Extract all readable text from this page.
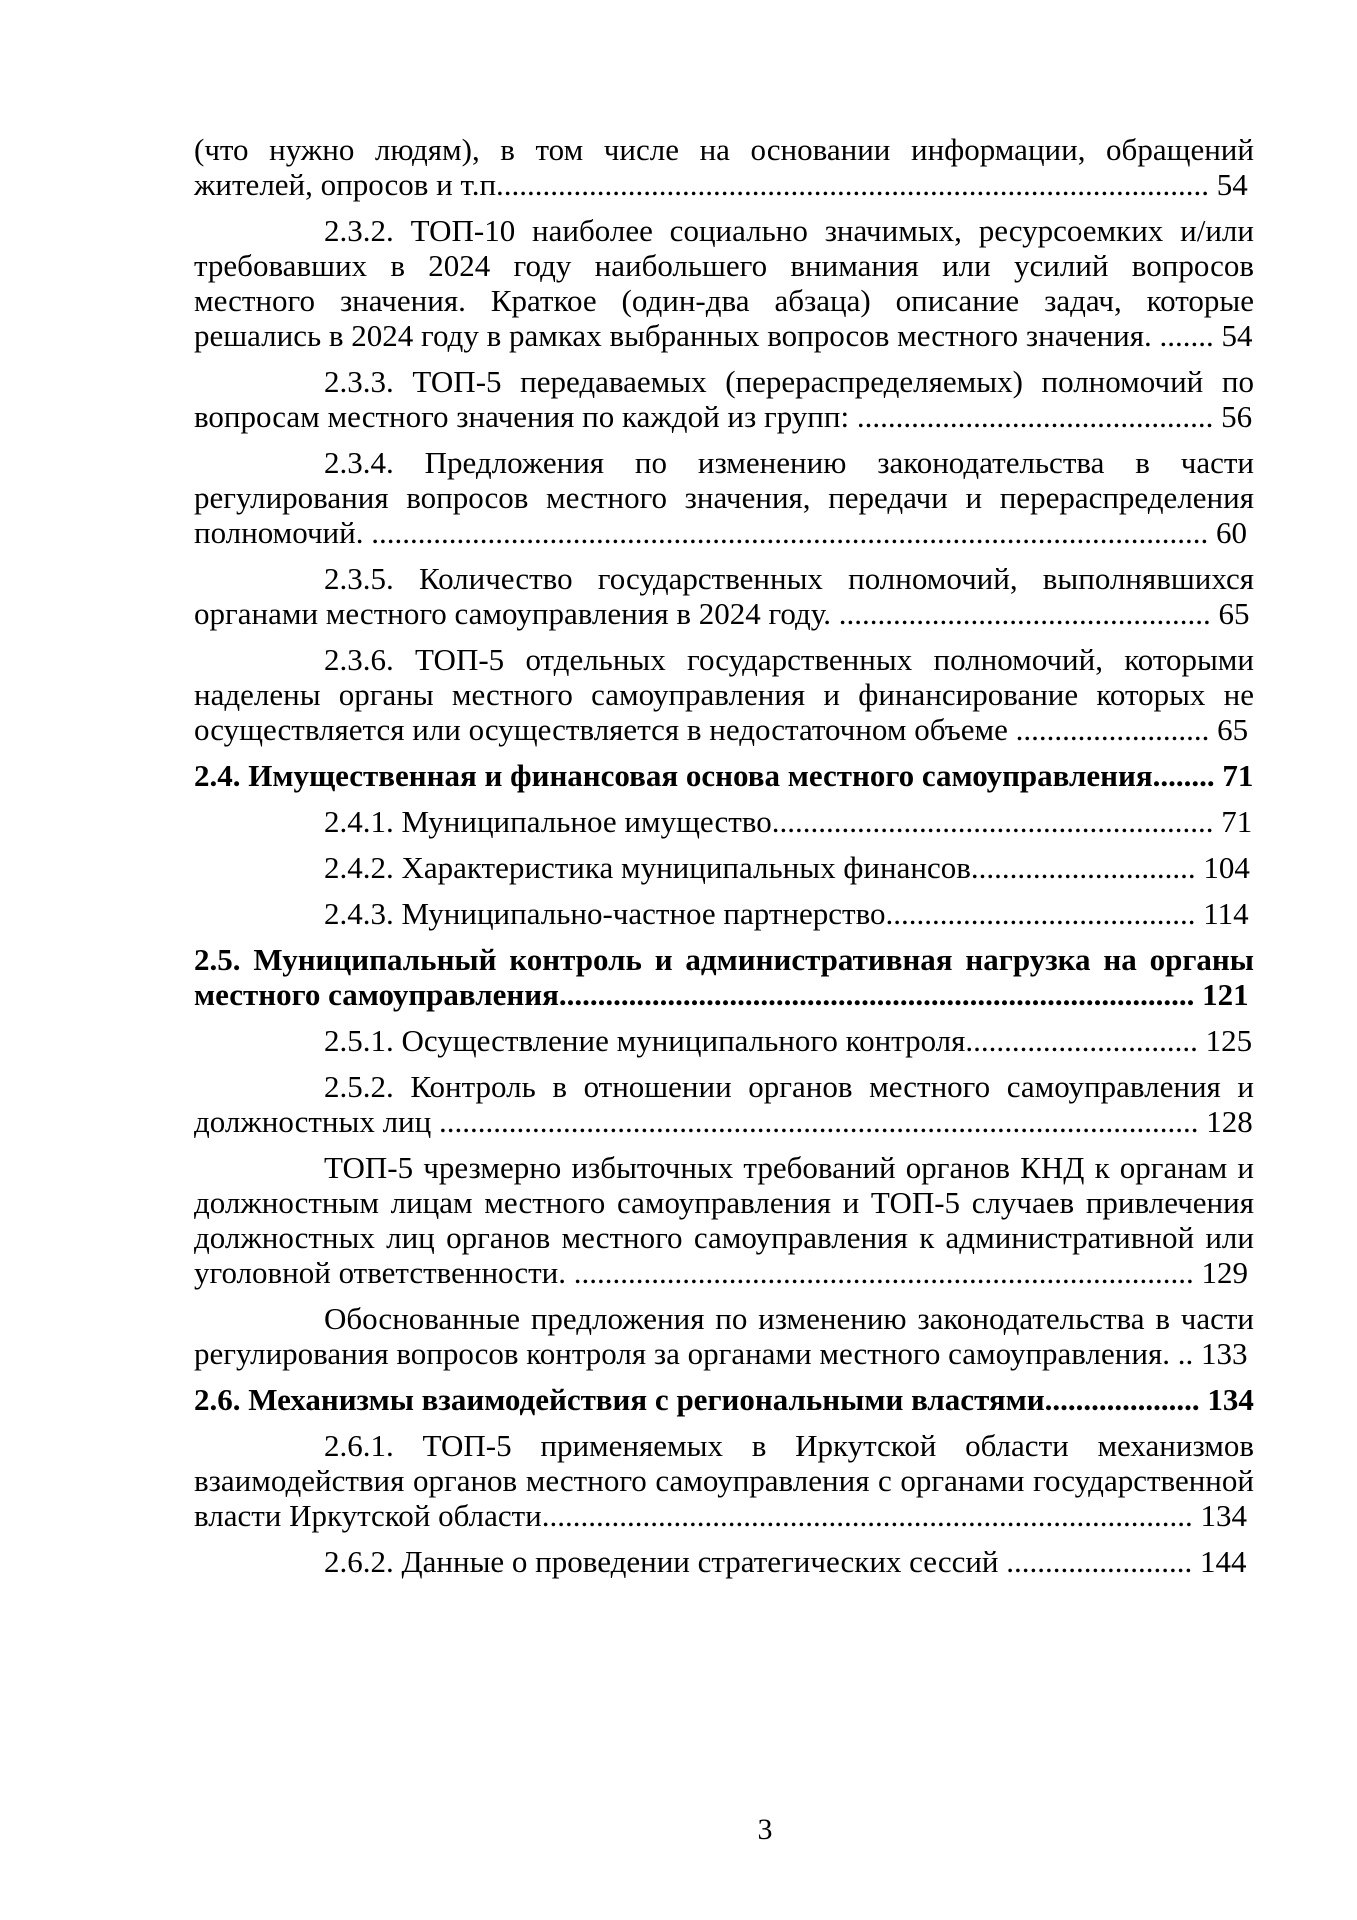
(что нужно людям), в том числе на основании информации, обращений жителей, опросов и т.п.​.​.​.​.​.​.​.​.​.​.​.​.​.​.​.​.​.​.​.​.​.​.​.​.​.​.​.​.​.​.​.​.​.​.​.​.​.​.​.​.​.​.​.​.​.​.​.​.​.​.​.​.​.​.​.​.​.​.​.​.​.​.​.​.​.​.​.​.​.​.​.​.​.​.​.​.​.​.​.​.​.​.​.​.​.​.​.​.​.​.​.​ 54

2.3.2. ТОП-10 наиболее социально значимых, ресурсоемких и/или требовавших в 2024 году наибольшего внимания или усилий вопросов местного значения. Краткое (один-два абзаца) описание задач, которые решались в 2024 году в рамках выбранных вопросов местного значения. ​.​.​.​.​.​.​.​ 54

2.3.3. ТОП-5 передаваемых (перераспределяемых) полномочий по вопросам местного значения по каждой из групп: ​.​.​.​.​.​.​.​.​.​.​.​.​.​.​.​.​.​.​.​.​.​.​.​.​.​.​.​.​.​.​.​.​.​.​.​.​.​.​.​.​.​.​.​.​.​.​ 56

2.3.4. Предложения по изменению законодательства в части регулирования вопросов местного значения, передачи и перераспределения полномочий. ​.​.​.​.​.​.​.​.​.​.​.​.​.​.​.​.​.​.​.​.​.​.​.​.​.​.​.​.​.​.​.​.​.​.​.​.​.​.​.​.​.​.​.​.​.​.​.​.​.​.​.​.​.​.​.​.​.​.​.​.​.​.​.​.​.​.​.​.​.​.​.​.​.​.​.​.​.​.​.​.​.​.​.​.​.​.​.​.​.​.​.​.​.​.​.​.​.​.​.​.​.​.​.​.​.​.​.​.​ 60

2.3.5. Количество государственных полномочий, выполнявшихся органами местного самоуправления в 2024 году. ​.​.​.​.​.​.​.​.​.​.​.​.​.​.​.​.​.​.​.​.​.​.​.​.​.​.​.​.​.​.​.​.​.​.​.​.​.​.​.​.​.​.​.​.​.​.​.​.​ 65

2.3.6. ТОП-5 отдельных государственных полномочий, которыми наделены органы местного самоуправления и финансирование которых не осуществляется или осуществляется в недостаточном объеме ​.​.​.​.​.​.​.​.​.​.​.​.​.​.​.​.​.​.​.​.​.​.​.​.​.​ 65

2.4. Имущественная и финансовая основа местного самоуправления​.​.​.​.​.​.​.​.​ 71

2.4.1. Муниципальное имущество​.​.​.​.​.​.​.​.​.​.​.​.​.​.​.​.​.​.​.​.​.​.​.​.​.​.​.​.​.​.​.​.​.​.​.​.​.​.​.​.​.​.​.​.​.​.​.​.​.​.​.​.​.​.​.​.​.​ 71

2.4.2. Характеристика муниципальных финансов​.​.​.​.​.​.​.​.​.​.​.​.​.​.​.​.​.​.​.​.​.​.​.​.​.​.​.​.​.​ 104

2.4.3. Муниципально-частное партнерство​.​.​.​.​.​.​.​.​.​.​.​.​.​.​.​.​.​.​.​.​.​.​.​.​.​.​.​.​.​.​.​.​.​.​.​.​.​.​.​.​ 114

2.5. Муниципальный контроль и административная нагрузка на органы местного самоуправления​.​.​.​.​.​.​.​.​.​.​.​.​.​.​.​.​.​.​.​.​.​.​.​.​.​.​.​.​.​.​.​.​.​.​.​.​.​.​.​.​.​.​.​.​.​.​.​.​.​.​.​.​.​.​.​.​.​.​.​.​.​.​.​.​.​.​.​.​.​.​.​.​.​.​.​.​.​.​.​.​.​.​ 121

2.5.1. Осуществление муниципального контроля​.​.​.​.​.​.​.​.​.​.​.​.​.​.​.​.​.​.​.​.​.​.​.​.​.​.​.​.​.​.​ 125

2.5.2. Контроль в отношении органов местного самоуправления и должностных лиц ​.​.​.​.​.​.​.​.​.​.​.​.​.​.​.​.​.​.​.​.​.​.​.​.​.​.​.​.​.​.​.​.​.​.​.​.​.​.​.​.​.​.​.​.​.​.​.​.​.​.​.​.​.​.​.​.​.​.​.​.​.​.​.​.​.​.​.​.​.​.​.​.​.​.​.​.​.​.​.​.​.​.​.​.​.​.​.​.​.​.​.​.​.​.​.​.​.​.​ 128

ТОП-5 чрезмерно избыточных требований органов КНД к органам и должностным лицам местного самоуправления и ТОП-5 случаев привлечения должностных лиц органов местного самоуправления к административной или уголовной ответственности. ​.​.​.​.​.​.​.​.​.​.​.​.​.​.​.​.​.​.​.​.​.​.​.​.​.​.​.​.​.​.​.​.​.​.​.​.​.​.​.​.​.​.​.​.​.​.​.​.​.​.​.​.​.​.​.​.​.​.​.​.​.​.​.​.​.​.​.​.​.​.​.​.​.​.​.​.​.​.​.​.​ 129

Обоснованные предложения по изменению законодательства в части регулирования вопросов контроля за органами местного самоуправления. ​.​.​ 133

2.6. Механизмы взаимодействия с региональными властями​.​.​.​.​.​.​.​.​.​.​.​.​.​.​.​.​.​.​.​.​ 134

2.6.1. ТОП-5 применяемых в Иркутской области механизмов взаимодействия органов местного самоуправления с органами государственной власти Иркутской области​.​.​.​.​.​.​.​.​.​.​.​.​.​.​.​.​.​.​.​.​.​.​.​.​.​.​.​.​.​.​.​.​.​.​.​.​.​.​.​.​.​.​.​.​.​.​.​.​.​.​.​.​.​.​.​.​.​.​.​.​.​.​.​.​.​.​.​.​.​.​.​.​.​.​.​.​.​.​.​.​.​.​.​.​ 134

2.6.2. Данные о проведении стратегических сессий ​.​.​.​.​.​.​.​.​.​.​.​.​.​.​.​.​.​.​.​.​.​.​.​.​ 144

3
